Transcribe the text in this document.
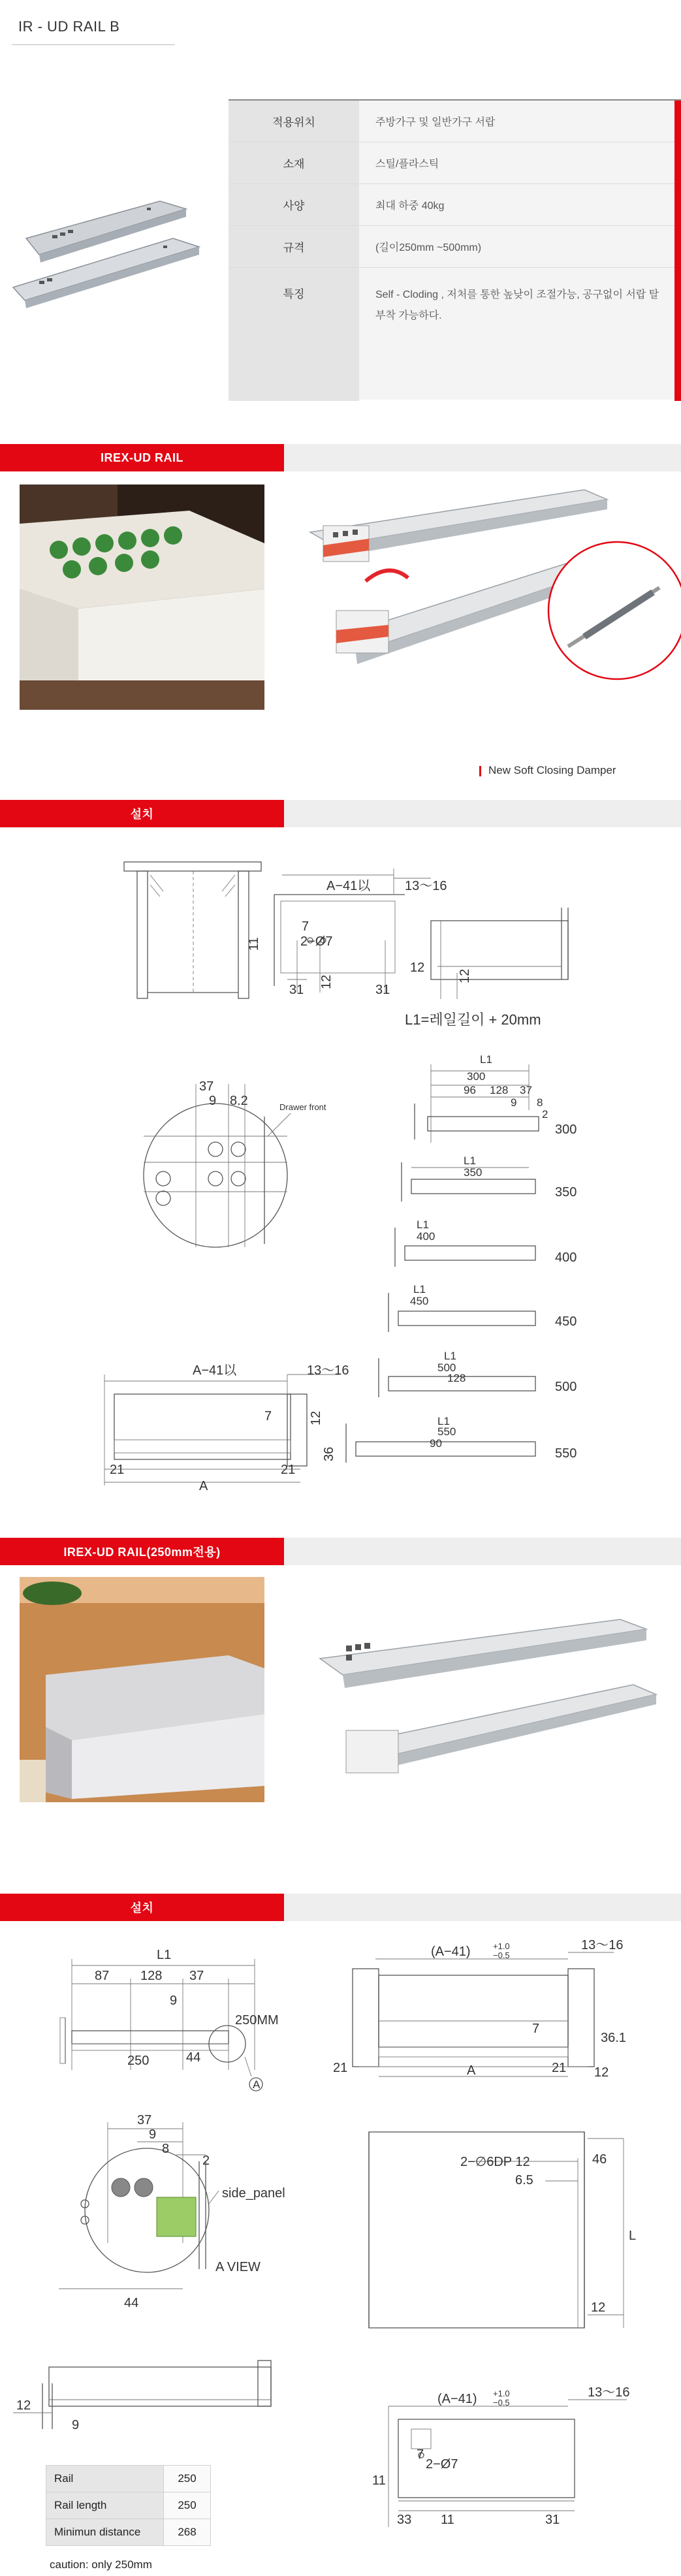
IR - UD RAIL B
적용위치	주방가구 및 일반가구 서랍
소재	스틸/플라스틱
사양	최대 하중 40kg
규격	(길이250mm ~500mm)
특징	Self - Cloding , 저처를 통한 높낮이 조절가능, 공구없이 서랍 탈부착 가능하다.
IREX-UD RAIL
New Soft Closing Damper
설치
A−41以	13～16
11
7
2−Ø7
31
12
31
12
12
L1=레일길이 + 20mm
37
9 8.2	Drawer front
A−41以	13～16
7	12
36
21	21
A
L1
300
96 128 37
9 8
2
300
L1
350
350
L1
400
400
L1
450
450
L1
500
128
500
L1
550
90
550
IREX-UD RAIL(250mm전용)
설치
L1
87 128 37
9
250MM
250	44
A
(A−41)	+1.0
−0.5
13～16
7
36.1
21	21 12
A
37
9
8
2
side_panel
A VIEW
44
2−∅6DP 12	46
6.5
L
12
12
9
(A−41) +1.0
−0.5
13～16
7
2−Ø7
11
33 11	31
Rail	250
Rail length	250
Minimun distance	268
caution: only 250mm
